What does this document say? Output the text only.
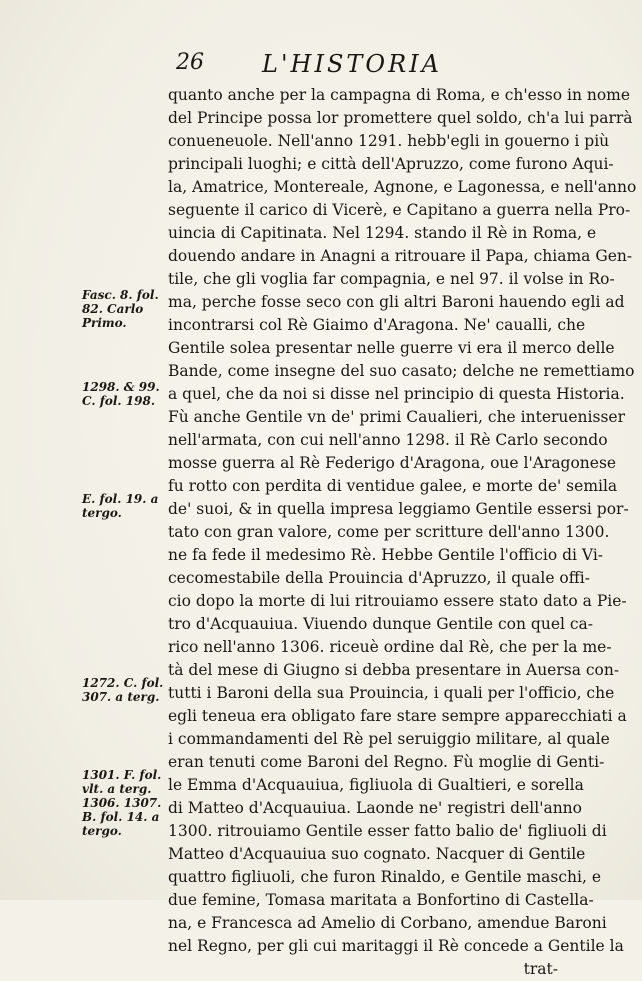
26 L'HISTORIA
quanto anche per la campagna di Roma, e ch'esso in nome
del Principe possa lor promettere quel soldo, ch'a lui parrà
conueneuole. Nell'anno 1291. hebb'egli in gouerno i più
principali luoghi; e città dell'Apruzzo, come furono Aqui-
la, Amatrice, Montereale, Agnone, e Lagonessa, e nell'anno
seguente il carico di Vicerè, e Capitano a guerra nella Pro-
uincia di Capitinata. Nel 1294. stando il Rè in Roma, e
douendo andare in Anagni a ritrouare il Papa, chiama Gen-
tile, che gli voglia far compagnia, e nel 97. il volse in Ro-
ma, perche fosse seco con gli altri Baroni hauendo egli ad
incontrarsi col Rè Giaimo d'Aragona. Ne' caualli, che
Gentile solea presentar nelle guerre vi era il merco delle
Bande, come insegne del suo casato; delche ne remettiamo
a quel, che da noi si disse nel principio di questa Historia.
Fù anche Gentile vn de' primi Caualieri, che interuenisser
nell'armata, con cui nell'anno 1298. il Rè Carlo secondo
mosse guerra al Rè Federigo d'Aragona, oue l'Aragonese
fu rotto con perdita di ventidue galee, e morte de' semila
de' suoi, & in quella impresa leggiamo Gentile essersi por-
tato con gran valore, come per scritture dell'anno 1300.
ne fa fede il medesimo Rè. Hebbe Gentile l'officio di Vi-
cecomestabile della Prouincia d'Apruzzo, il quale offi-
cio dopo la morte di lui ritrouiamo essere stato dato a Pie-
tro d'Acquauiua. Viuendo dunque Gentile con quel ca-
rico nell'anno 1306. riceuè ordine dal Rè, che per la me-
tà del mese di Giugno si debba presentare in Auersa con-
tutti i Baroni della sua Prouincia, i quali per l'officio, che
egli teneua era obligato fare stare sempre apparecchiati a
i commandamenti del Rè pel seruiggio militare, al quale
eran tenuti come Baroni del Regno. Fù moglie di Genti-
le Emma d'Acquauiua, figliuola di Gualtieri, e sorella
di Matteo d'Acquauiua. Laonde ne' registri dell'anno
1300. ritrouiamo Gentile esser fatto balio de' figliuoli di
Matteo d'Acquauiua suo cognato. Nacquer di Gentile
quattro figliuoli, che furon Rinaldo, e Gentile maschi, e
due femine, Tomasa maritata a Bonfortino di Castella-
na, e Francesca ad Amelio di Corbano, amendue Baroni
nel Regno, per gli cui maritaggi il Rè concede a Gentile la
trat-
Fasc. 8. fol.
82. Carlo
Primo.
1298. & 99.
C. fol. 198.
E. fol. 19. a
tergo.
1272. C. fol.
307. a terg.
1301. F. fol.
vlt. a terg.
1306. 1307.
B. fol. 14. a
tergo.
